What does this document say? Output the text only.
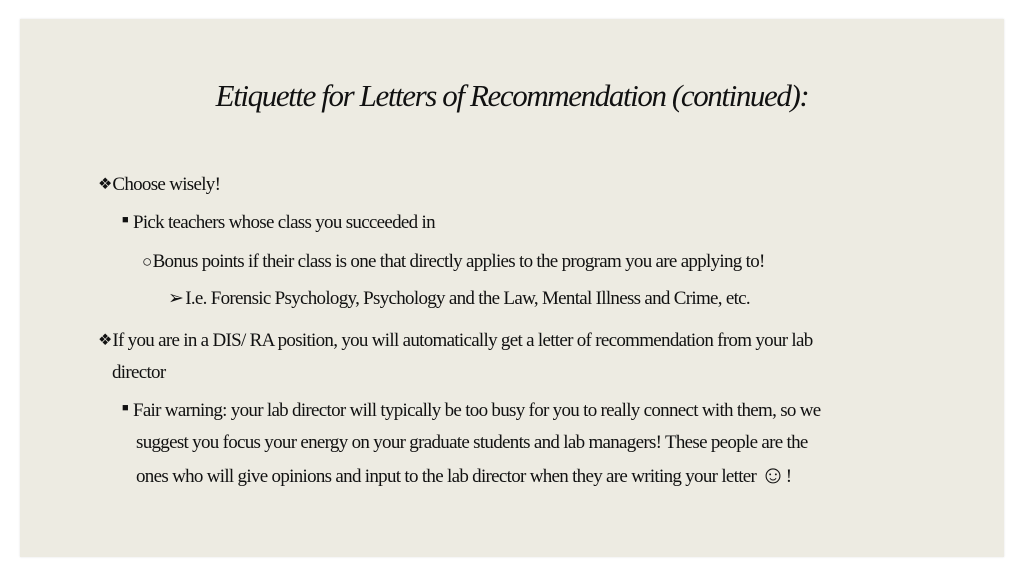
Etiquette for Letters of Recommendation (continued):
❖ Choose wisely!
■ Pick teachers whose class you succeeded in
○Bonus points if their class is one that directly applies to the program you are applying to!
➢ I.e. Forensic Psychology, Psychology and the Law, Mental Illness and Crime, etc.
❖ If you are in a DIS/ RA position, you will automatically get a letter of recommendation from your lab
director
■ Fair warning: your lab director will typically be too busy for you to really connect with them, so we
suggest you focus your energy on your graduate students and lab managers! These people are the
ones who will give opinions and input to the lab director when they are writing your letter ☺!
